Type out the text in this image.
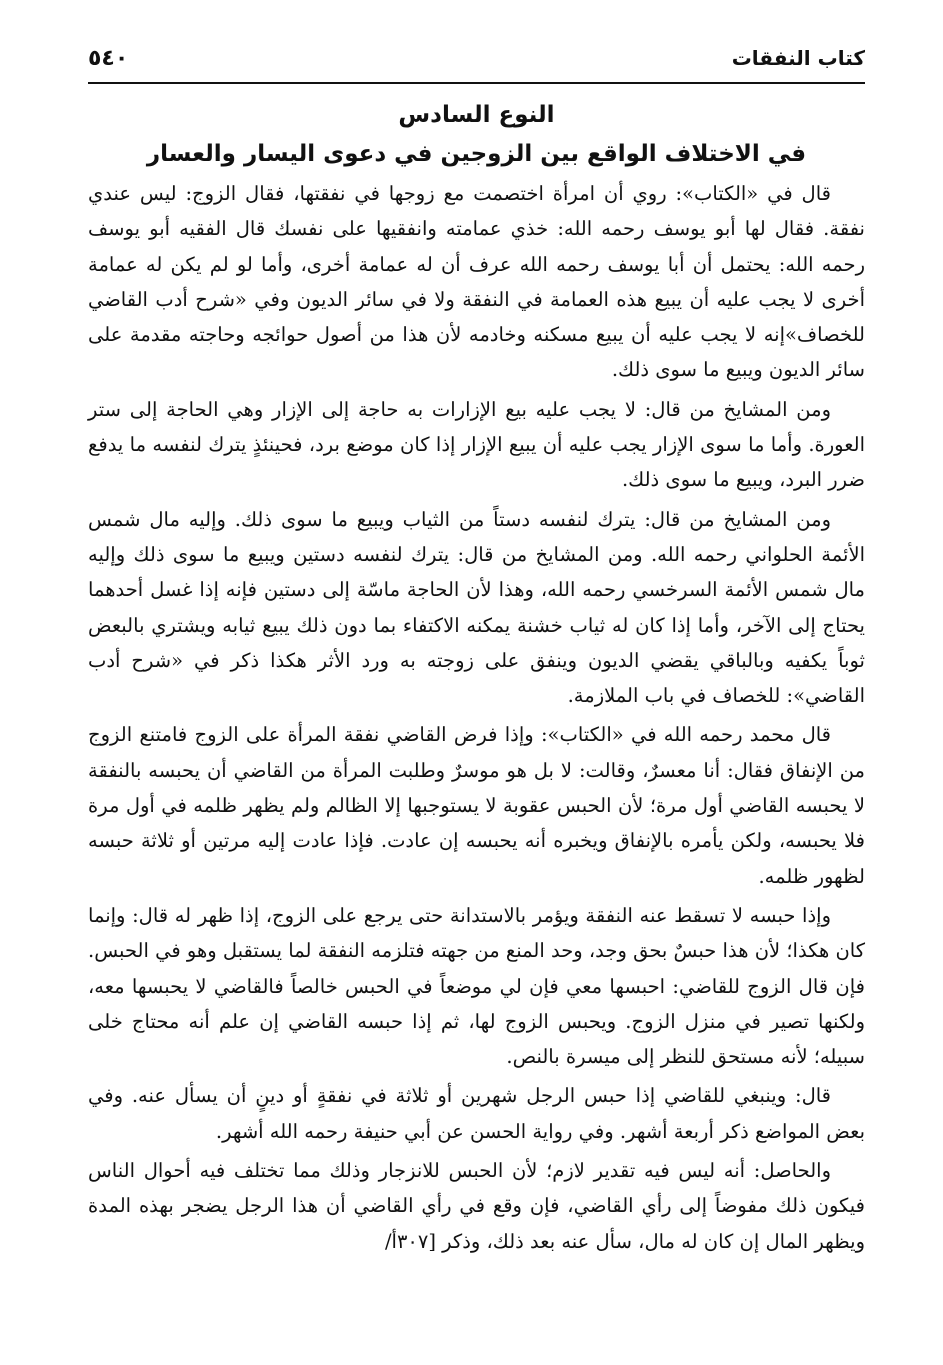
كتاب النفقات
٥٤٠
النوع السادس
في الاختلاف الواقع بين الزوجين في دعوى اليسار والعسار

قال في «الكتاب»: روي أن امرأة اختصمت مع زوجها في نفقتها، فقال الزوج: ليس عندي نفقة. فقال لها أبو يوسف رحمه الله: خذي عمامته وانفقيها على نفسك قال الفقيه أبو يوسف رحمه الله: يحتمل أن أبا يوسف رحمه الله عرف أن له عمامة أخرى، وأما لو لم يكن له عمامة أخرى لا يجب عليه أن يبيع هذه العمامة في النفقة ولا في سائر الديون وفي «شرح أدب القاضي للخصاف»إنه لا يجب عليه أن يبيع مسكنه وخادمه لأن هذا من أصول حوائجه وحاجته مقدمة على سائر الديون ويبيع ما سوى ذلك.

ومن المشايخ من قال: لا يجب عليه بيع الإزارات به حاجة إلى الإزار وهي الحاجة إلى ستر العورة. وأما ما سوى الإزار يجب عليه أن يبيع الإزار إذا كان موضع برد، فحينئذٍ يترك لنفسه ما يدفع ضرر البرد، ويبيع ما سوى ذلك.

ومن المشايخ من قال: يترك لنفسه دستاً من الثياب ويبيع ما سوى ذلك. وإليه مال شمس الأئمة الحلواني رحمه الله. ومن المشايخ من قال: يترك لنفسه دستين ويبيع ما سوى ذلك وإليه مال شمس الأئمة السرخسي رحمه الله، وهذا لأن الحاجة ماسّة إلى دستين فإنه إذا غسل أحدهما يحتاج إلى الآخر، وأما إذا كان له ثياب خشنة يمكنه الاكتفاء بما دون ذلك يبيع ثيابه ويشتري بالبعض ثوباً يكفيه وبالباقي يقضي الديون وينفق على زوجته به ورد الأثر هكذا ذكر في «شرح أدب القاضي»: للخصاف في باب الملازمة.

قال محمد رحمه الله في «الكتاب»: وإذا فرض القاضي نفقة المرأة على الزوج فامتنع الزوج من الإنفاق فقال: أنا معسرٌ، وقالت: لا بل هو موسرٌ وطلبت المرأة من القاضي أن يحبسه بالنفقة لا يحبسه القاضي أول مرة؛ لأن الحبس عقوبة لا يستوجبها إلا الظالم ولم يظهر ظلمه في أول مرة فلا يحبسه، ولكن يأمره بالإنفاق ويخبره أنه يحبسه إن عادت. فإذا عادت إليه مرتين أو ثلاثة حبسه لظهور ظلمه.

وإذا حبسه لا تسقط عنه النفقة ويؤمر بالاستدانة حتى يرجع على الزوج، إذا ظهر له قال: وإنما كان هكذا؛ لأن هذا حبسٌ بحق وجد، وحد المنع من جهته فتلزمه النفقة لما يستقبل وهو في الحبس. فإن قال الزوج للقاضي: احبسها معي فإن لي موضعاً في الحبس خالصاً فالقاضي لا يحبسها معه، ولكنها تصير في منزل الزوج. ويحبس الزوج لها، ثم إذا حبسه القاضي إن علم أنه محتاج خلى سبيله؛ لأنه مستحق للنظر إلى ميسرة بالنص.

قال: وينبغي للقاضي إذا حبس الرجل شهرين أو ثلاثة في نفقةٍ أو دينٍ أن يسأل عنه. وفي بعض المواضع ذكر أربعة أشهر. وفي رواية الحسن عن أبي حنيفة رحمه الله أشهر.

والحاصل: أنه ليس فيه تقدير لازم؛ لأن الحبس للانزجار وذلك مما تختلف فيه أحوال الناس فيكون ذلك مفوضاً إلى رأي القاضي، فإن وقع في رأي القاضي أن هذا الرجل يضجر بهذه المدة ويظهر المال إن كان له مال، سأل عنه بعد ذلك، وذكر [٣٠٧أ/
